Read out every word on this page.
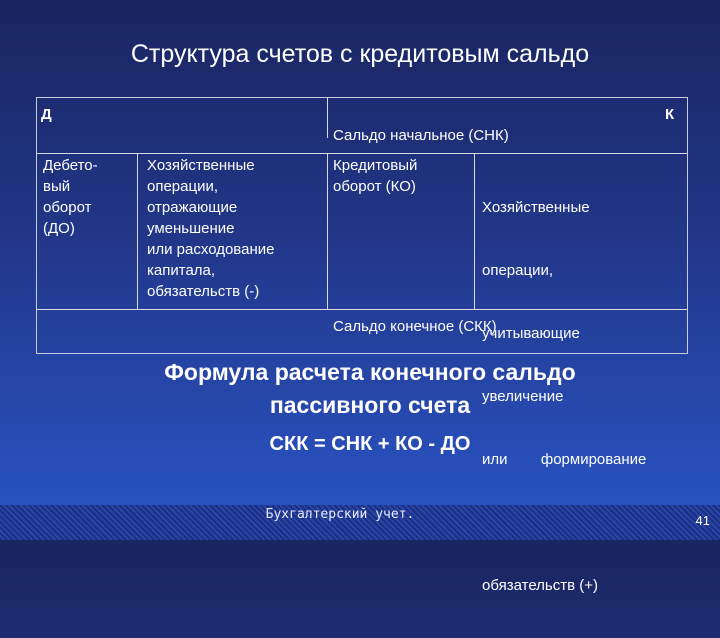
Структура счетов с кредитовым сальдо
Д	К
Сальдо начальное (СНК)
Дебето-
вый
оборот
(ДО)
Хозяйственные
операции,
отражающие
уменьшение
или расходование
капитала,
обязательств (-)
Кредитовый
оборот (КО)

Хозяйственные

операции,

учитывающие

увеличение

или        формирование

обязательств (+)

Сальдо конечное (СКК)
Формула расчета конечного сальдо
пассивного счета
СКК = СНК + КО - ДО
Бухгалтерский учет.	41
